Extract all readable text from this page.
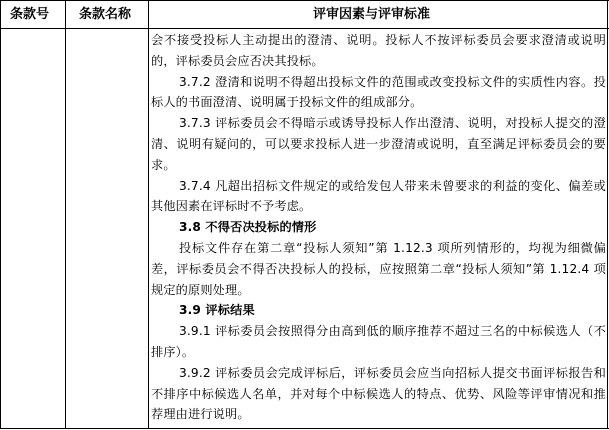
条款号 条款名称	评审因素与评审标准

会不接受投标人主动提出的澄清、说明。投标人不按评标委员会要求澄清或说明的，评标委员会应否决其投标。

3.7.2 澄清和说明不得超出投标文件的范围或改变投标文件的实质性内容。投标人的书面澄清、说明属于投标文件的组成部分。

3.7.3 评标委员会不得暗示或诱导投标人作出澄清、说明，对投标人提交的澄清、说明有疑问的，可以要求投标人进一步澄清或说明，直至满足评标委员会的要求。

3.7.4 凡超出招标文件规定的或给发包人带来未曾要求的利益的变化、偏差或其他因素在评标时不予考虑。

3.8 不得否决投标的情形

投标文件存在第二章“投标人须知”第 1.12.3 项所列情形的，均视为细微偏差，评标委员会不得否决投标人的投标，应按照第二章“投标人须知”第 1.12.4 项规定的原则处理。

3.9 评标结果

3.9.1 评标委员会按照得分由高到低的顺序推荐不超过三名的中标候选人（不排序）。

3.9.2 评标委员会完成评标后，评标委员会应当向招标人提交书面评标报告和不排序中标候选人名单，并对每个中标候选人的特点、优势、风险等评审情况和推荐理由进行说明。
